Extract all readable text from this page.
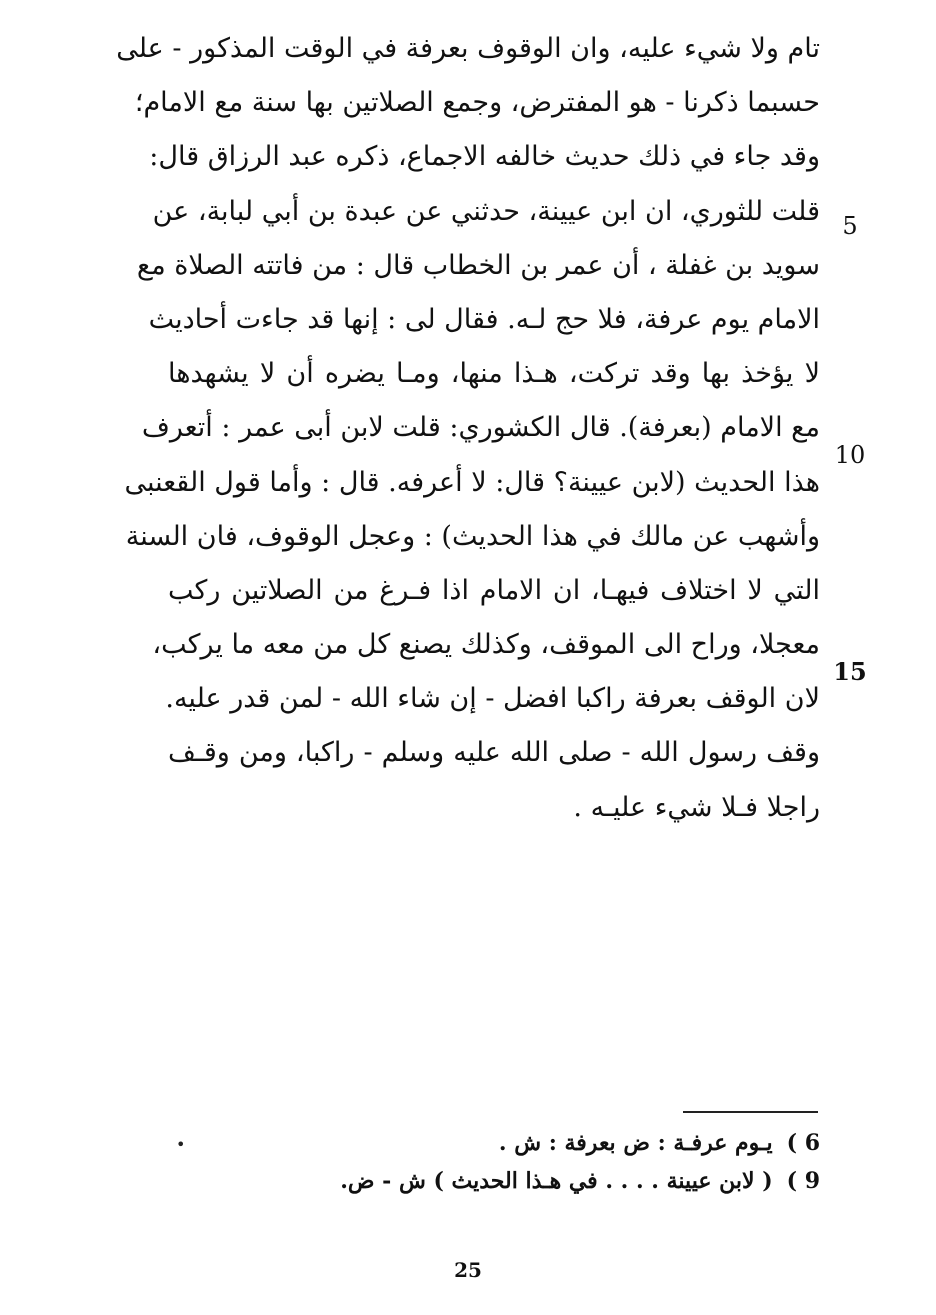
تام ولا شيء عليه، وان الوقوف بعرفة في الوقت المذكور - على
حسبما ذكرنا - هو المفترض، وجمع الصلاتين بها سنة مع الامام؛
وقد جاء في ذلك حديث خالفه الاجماع، ذكره عبد الرزاق قال:
قلت للثوري، ان ابن عيينة، حدثني عن عبدة بن أبي لبابة، عن
سويد بن غفلة ، أن عمر بن الخطاب قال : من فاتته الصلاة مع
الامام يوم عرفة، فلا حج لـه. فقال لى : إنها قد جاءت أحاديث
لا يؤخذ بها وقد تركت، هـذا منها، ومـا يضره أن لا يشهدها
مع الامام (بعرفة). قال الكشوري: قلت لابن أبى عمر : أتعرف
هذا الحديث (لابن عيينة؟ قال: لا أعرفه. قال : وأما قول القعنبى
وأشهب عن مالك في هذا الحديث) : وعجل الوقوف، فان السنة
التي لا اختلاف فيهـا، ان الامام اذا فـرغ من الصلاتين ركب
معجلا، وراح الى الموقف، وكذلك يصنع كل من معه ما يركب،
لان الوقف بعرفة راكبا افضل - إن شاء الله - لمن قدر عليه.
وقف رسول الله - صلى الله عليه وسلم - راكبا، ومن وقـف
راجلا فـلا شيء عليـه .
5
10
15
•	6 )يـوم عرفـة : ض بعرفة : ش .
9 )( لابن عيينة . . . . في هـذا الحديث ) ش - ض.
25
